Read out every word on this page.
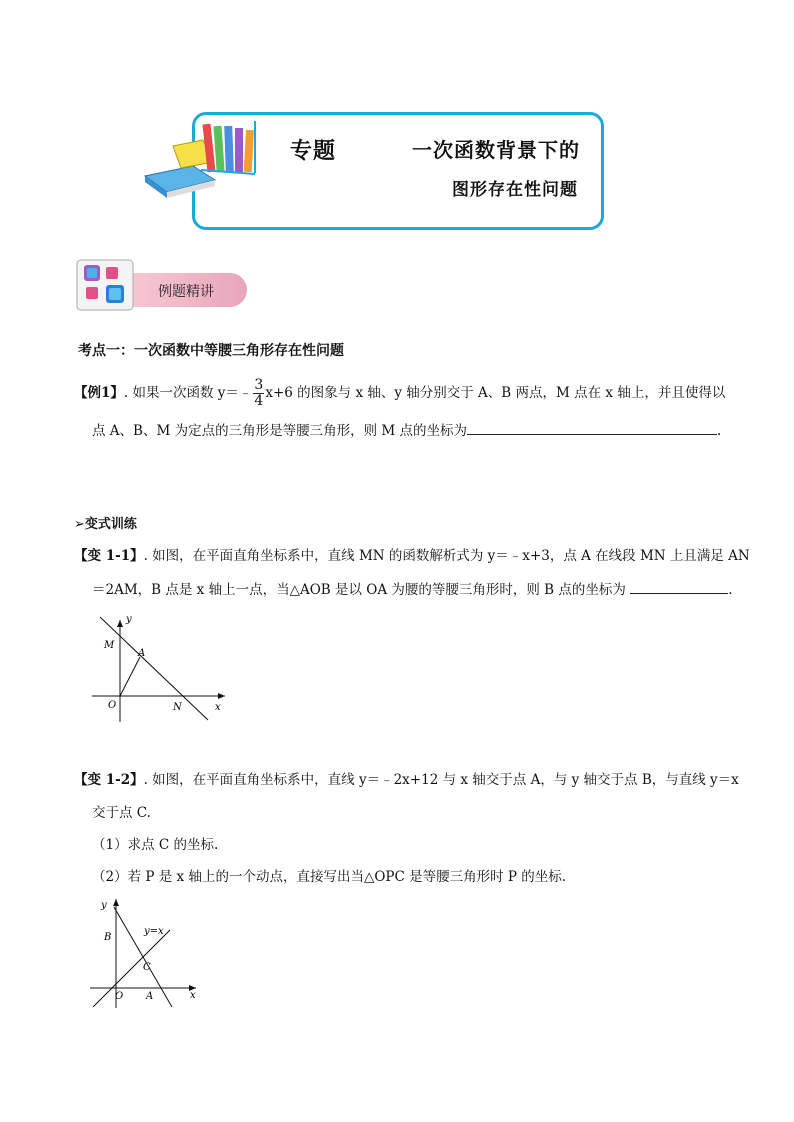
专题	一次函数背景下的
图形存在性问题
例题精讲
考点一：一次函数中等腰三角形存在性问题
【例1】. 如果一次函数 y＝﹣ $\frac{3}{4} x+6$ 的图象与 x 轴、y 轴分别交于 A、B 两点，M 点在 x 轴上，并且使得以
点 A、B、M 为定点的三角形是等腰三角形，则 M 点的坐标为	.
➢变式训练
【变 1-1】. 如图，在平面直角坐标系中，直线 MN 的函数解析式为 y＝﹣x+3，点 A 在线段 MN 上且满足 AN
＝2AM，B 点是 x 轴上一点，当△AOB 是以 OA 为腰的等腰三角形时，则 B 点的坐标为	.
y
x
M
A
O	N
【变 1-2】. 如图，在平面直角坐标系中，直线 y＝﹣2x+12 与 x 轴交于点 A，与 y 轴交于点 B，与直线 y＝x
交于点 C.
（1）求点 C 的坐标.
（2）若 P 是 x 轴上的一个动点，直接写出当△OPC 是等腰三角形时 P 的坐标.
y
x
B
y=x
C
O A
